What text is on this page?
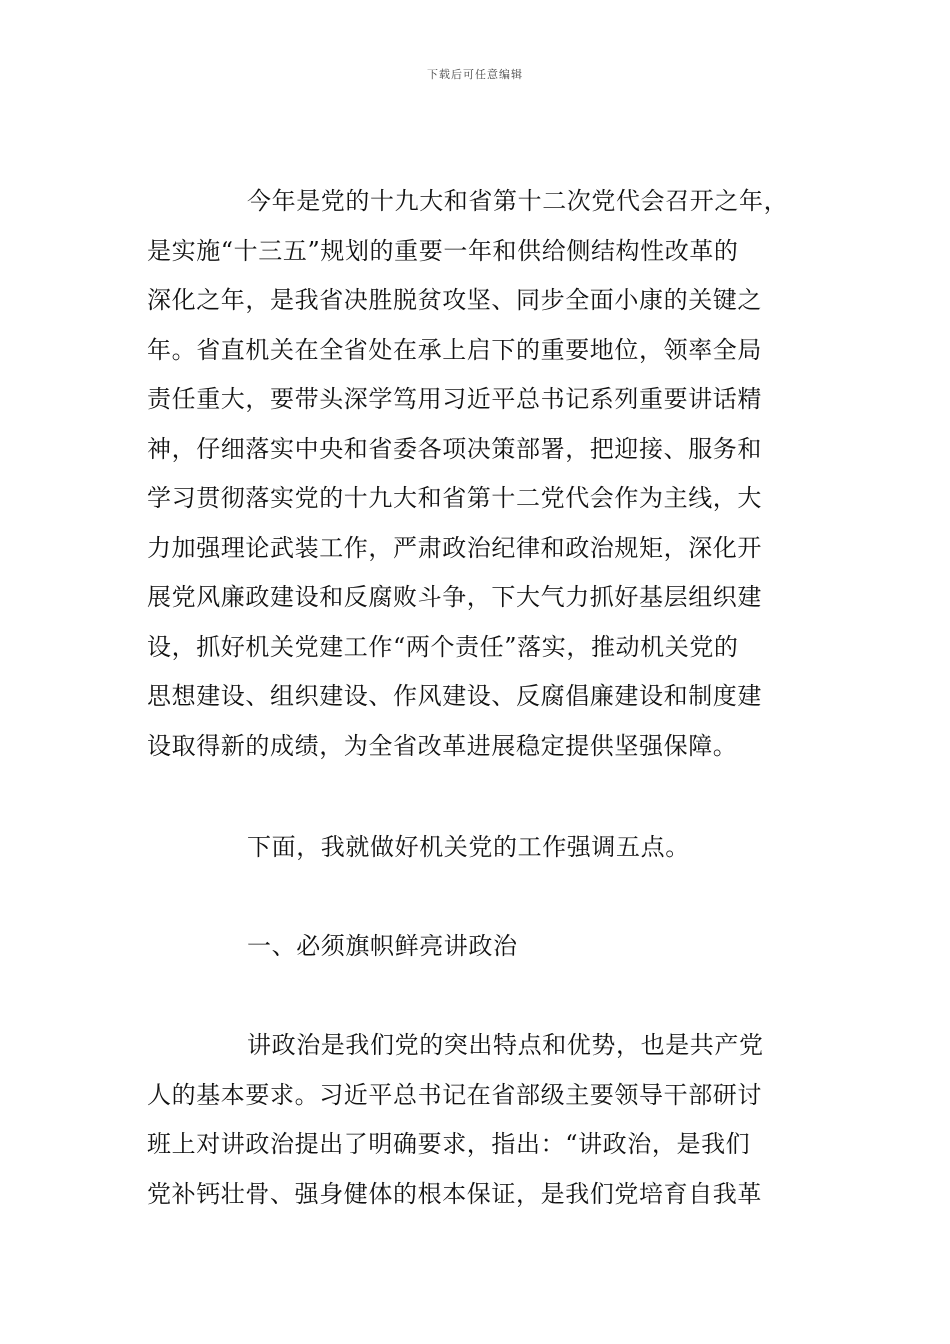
下载后可任意编辑
今年是党的十九大和省第十二次党代会召开之年，
是实施“十三五”规划的重要一年和供给侧结构性改革的
深化之年，是我省决胜脱贫攻坚、同步全面小康的关键之
年。省直机关在全省处在承上启下的重要地位，领率全局
责任重大，要带头深学笃用习近平总书记系列重要讲话精
神，仔细落实中央和省委各项决策部署，把迎接、服务和
学习贯彻落实党的十九大和省第十二党代会作为主线，大
力加强理论武装工作，严肃政治纪律和政治规矩，深化开
展党风廉政建设和反腐败斗争，下大气力抓好基层组织建
设，抓好机关党建工作“两个责任”落实，推动机关党的
思想建设、组织建设、作风建设、反腐倡廉建设和制度建
设取得新的成绩，为全省改革进展稳定提供坚强保障。
下面，我就做好机关党的工作强调五点。
一、必须旗帜鲜亮讲政治
讲政治是我们党的突出特点和优势，也是共产党
人的基本要求。习近平总书记在省部级主要领导干部研讨
班上对讲政治提出了明确要求，指出：“讲政治，是我们
党补钙壮骨、强身健体的根本保证，是我们党培育自我革
